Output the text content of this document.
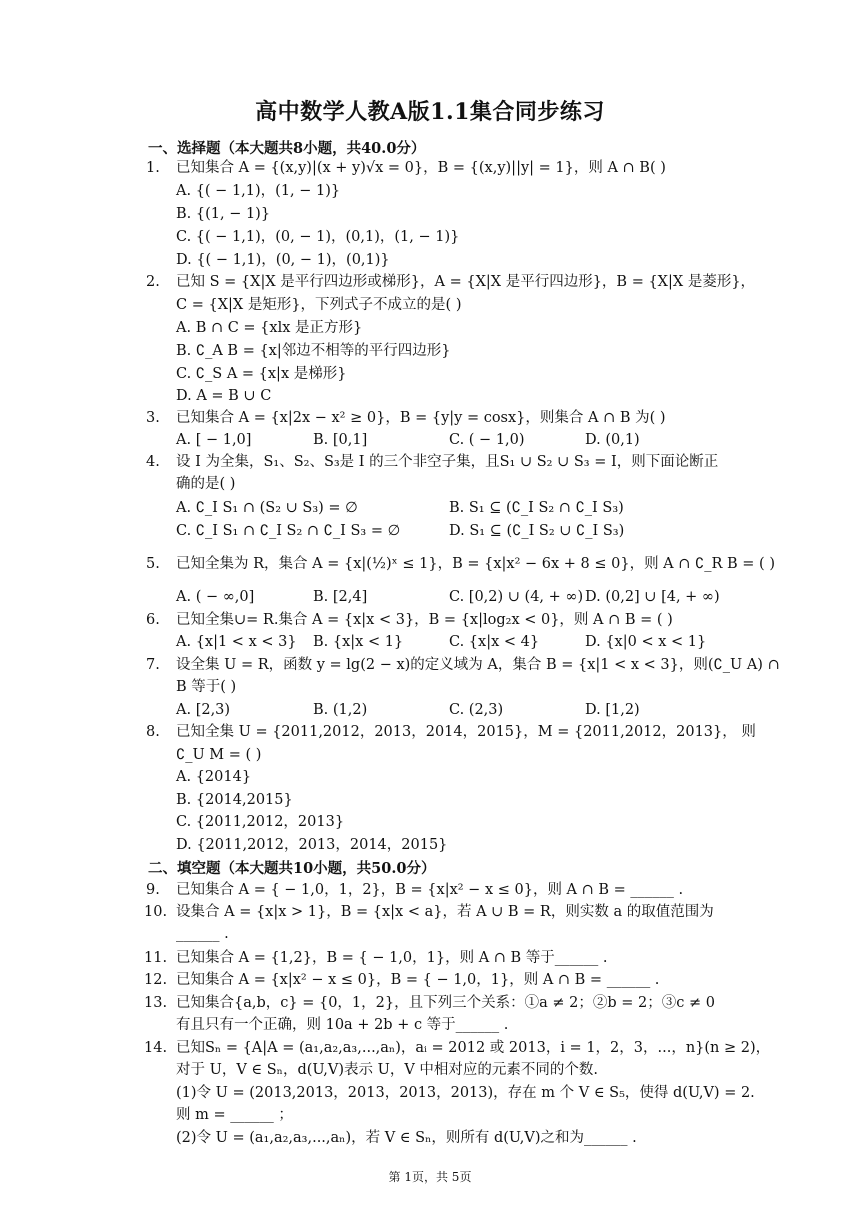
高中数学人教A版1.1集合同步练习
一、选择题（本大题共8小题，共40.0分）
1. 已知集合 A = {(x,y)|(x + y)√x = 0}，B = {(x,y)||y| = 1}，则 A ∩ B( )
A. {( − 1,1)，(1, − 1)}
B. {(1, − 1)}
C. {( − 1,1)，(0, − 1)，(0,1)，(1, − 1)}
D. {( − 1,1)，(0, − 1)，(0,1)}
2. 已知 S = {X|X 是平行四边形或梯形}，A = {X|X 是平行四边形}，B = {X|X 是菱形}，
C = {X|X 是矩形}，下列式子不成立的是( )
A. B ∩ C = {xlx 是正方形}
B. ∁_A B = {x|邻边不相等的平行四边形}
C. ∁_S A = {x|x 是梯形}
D. A = B ∪ C
3. 已知集合 A = {x|2x − x² ≥ 0}，B = {y|y = cosx}，则集合 A ∩ B 为( )
A. [ − 1,0]	B. [0,1]	C. ( − 1,0)	D. (0,1)
4. 设 I 为全集，S₁、S₂、S₃是 I 的三个非空子集，且S₁ ∪ S₂ ∪ S₃ = I，则下面论断正
确的是( )
A. ∁_I S₁ ∩ (S₂ ∪ S₃) = ∅	B. S₁ ⊆ (∁_I S₂ ∩ ∁_I S₃)
C. ∁_I S₁ ∩ ∁_I S₂ ∩ ∁_I S₃ = ∅	D. S₁ ⊆ (∁_I S₂ ∪ ∁_I S₃)
5. 已知全集为 R，集合 A = {x|(½)ˣ ≤ 1}，B = {x|x² − 6x + 8 ≤ 0}，则 A ∩ ∁_R B = ( )
A. ( − ∞,0]	B. [2,4]	C. [0,2) ∪ (4, + ∞) D. (0,2] ∪ [4, + ∞)
6. 已知全集∪= R.集合 A = {x|x < 3}，B = {x|log₂x < 0}，则 A ∩ B = ( )
A. {x|1 < x < 3} B. {x|x < 1}	C. {x|x < 4}	D. {x|0 < x < 1}
7. 设全集 U = R，函数 y = lg(2 − x)的定义域为 A，集合 B = {x|1 < x < 3}，则(∁_U A) ∩
B 等于( )
A. [2,3)	B. (1,2)	C. (2,3)	D. [1,2)
8. 已知全集 U = {2011,2012，2013，2014，2015}，M = {2011,2012，2013}， 则
∁_U M = ( )
A. {2014}
B. {2014,2015}
C. {2011,2012，2013}
D. {2011,2012，2013，2014，2015}
二、填空题（本大题共10小题，共50.0分）
9. 已知集合 A = { − 1,0，1，2}，B = {x|x² − x ≤ 0}，则 A ∩ B = ______ .
10. 设集合 A = {x|x > 1}，B = {x|x < a}，若 A ∪ B = R，则实数 a 的取值范围为
______ .
11. 已知集合 A = {1,2}，B = { − 1,0，1}，则 A ∩ B 等于______ .
12. 已知集合 A = {x|x² − x ≤ 0}，B = { − 1,0，1}，则 A ∩ B = ______ .
13. 已知集合{a,b，c} = {0，1，2}，且下列三个关系：①a ≠ 2；②b = 2；③c ≠ 0
有且只有一个正确，则 10a + 2b + c 等于______ .
14. 已知Sₙ = {A|A = (a₁,a₂,a₃,...,aₙ)，aᵢ = 2012 或 2013，i = 1，2，3，...，n}(n ≥ 2)，
对于 U，V ∈ Sₙ，d(U,V)表示 U，V 中相对应的元素不同的个数.
(1)令 U = (2013,2013，2013，2013，2013)，存在 m 个 V ∈ S₅，使得 d(U,V) = 2.
则 m = ______ ；
(2)令 U = (a₁,a₂,a₃,...,aₙ)，若 V ∈ Sₙ，则所有 d(U,V)之和为______ .
第 1页，共 5页
